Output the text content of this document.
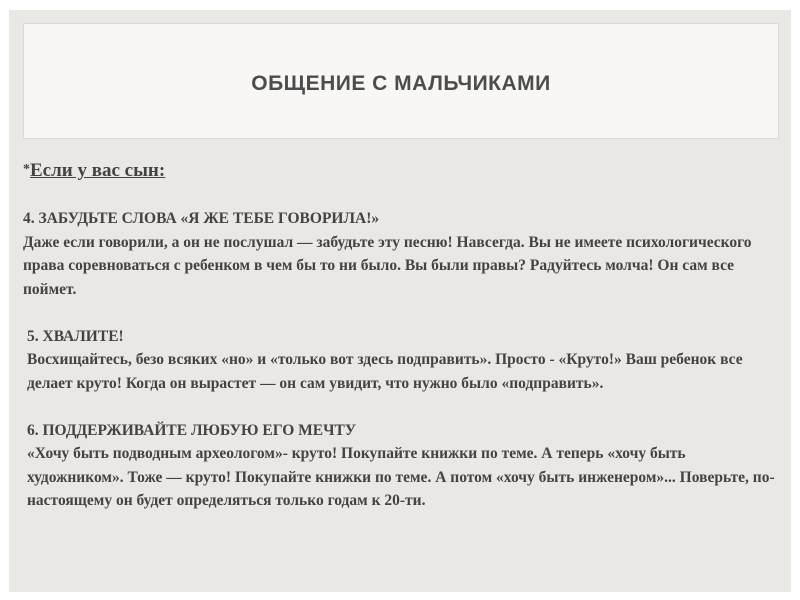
ОБЩЕНИЕ С МАЛЬЧИКАМИ
*Если у вас сын:
4. ЗАБУДЬТЕ СЛОВА «Я ЖЕ ТЕБЕ ГОВОРИЛА!»
Даже если говорили, а он не послушал — забудьте эту песню! Навсегда. Вы не имеете психологического права соревноваться с ребенком в чем бы то ни было. Вы были правы? Радуйтесь молча! Он сам все поймет.
5. ХВАЛИТЕ!
Восхищайтесь, безо всяких «но» и «только вот здесь подправить». Просто - «Круто!» Ваш ребенок все делает круто! Когда он вырастет — он сам увидит, что нужно было «подправить».
6. ПОДДЕРЖИВАЙТЕ ЛЮБУЮ ЕГО МЕЧТУ
«Хочу быть подводным археологом»- круто! Покупайте книжки по теме. А теперь «хочу быть художником». Тоже — круто! Покупайте книжки по теме. А потом «хочу быть инженером»... Поверьте, по-настоящему он будет определяться только годам к 20-ти.
